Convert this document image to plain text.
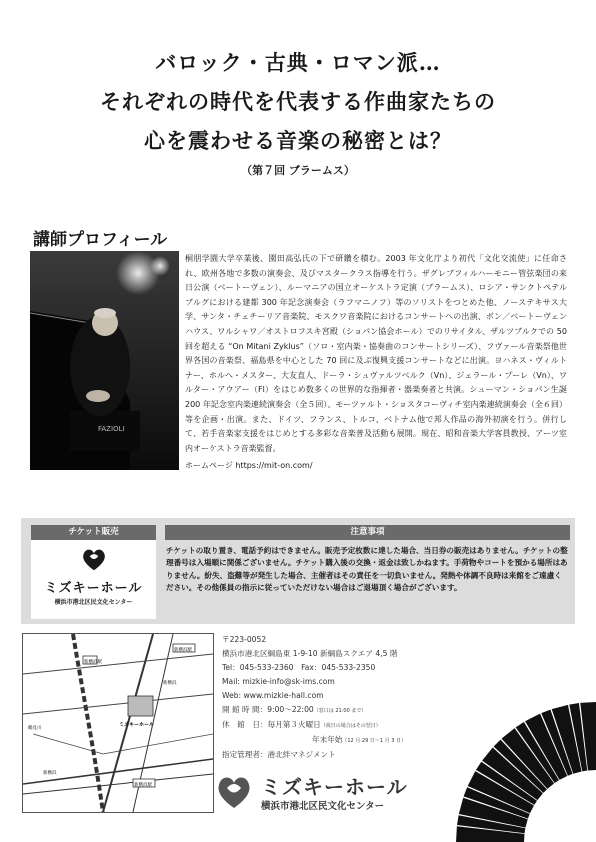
バロック・古典・ロマン派…
それぞれの時代を代表する作曲家たちの
心を震わせる音楽の秘密とは？
（第７回 ブラームス）
講師プロフィール
FAZIOLI
桐朋学園大学卒業後、園田高弘氏の下で研鑽を積む。2003 年文化庁より初代「文化交流使」に任命され、欧州各地で多数の演奏会、及びマスタークラス指導を行う。ザグレブフィルハーモニー管弦楽団の来日公演（ベートーヴェン）、ルーマニアの国立オーケストラ定演（ブラームス）、ロシア・サンクトペテルブルグにおける建都 300 年記念演奏会（ラフマニノフ）等のソリストをつとめた他、ノーステキサス大学、サンタ・チェチーリア音楽院、モスクワ音楽院におけるコンサートへの出演、ボン／ベートーヴェンハウス、ワルシャワ／オストロフスキ宮殿（ショパン協会ホール）でのリサイタル、ザルツブルクでの 50 回を超える “On Mitani Zyklus”（ソロ・室内楽・協奏曲のコンサートシリーズ）、フヴァール音楽祭他世界各国の音楽祭、福島県を中心とした 70 回に及ぶ復興支援コンサートなどに出演。ヨハネス・ヴィルトナー、ホルヘ・メスター、大友直人、ドーラ・シュヴァルツベルク（Vn）、ジェラール・プーレ（Vn）、ワルター・アウアー（Fl）をはじめ数多くの世界的な指揮者・器楽奏者と共演。シューマン・ショパン生誕 200 年記念室内楽連続演奏会（全５回）、モーツァルト・ショスタコーヴィチ室内楽連続演奏会（全６回）等を企画・出演。また、ドイツ、フランス、トルコ、ベトナム他で邦人作品の海外初演を行う。併行して、若手音楽家支援をはじめとする多彩な音楽普及活動も展開。現在、昭和音楽大学客員教授、アーツ室内オーケストラ音楽監督。
ホームページ https://mit-on.com/
チケット販売
ミズキーホール
横浜市港北区民文化センター
注意事項
チケットの取り置き、電話予約はできません。販売予定枚数に達した場合、当日券の販売はありません。チケットの整理番号は入場順に関係ございません。チケット購入後の交換・返金は致しかねます。手荷物やコートを預かる場所はありません。紛失、盗難等が発生した場合、主催者はその責任を一切負いません。発熱や体調不良時は来館をご遠慮ください。その他係員の指示に従っていただけない場合はご退場頂く場合がございます。
新横浜駅
新横浜駅
ミズキーホール
新横浜駅
鶴見川
新横浜
新横浜
〒223-0052
横浜市港北区綱島東 1-9-10 新綱島スクエア 4,5 階
Tel：045-533-2360　Fax：045-533-2350
Mail: mizkie-info@sk-ims.com
Web: www.mizkie-hall.com
開 館 時 間：9:00～22:00（窓口は 21:00 まで）
休　館　日：毎月第３火曜日（祝日の場合はその翌日）
年末年始（12 月 29 日～1 月 3 日）
指定管理者：港北絆マネジメント
ミズキーホール
横浜市港北区民文化センター
